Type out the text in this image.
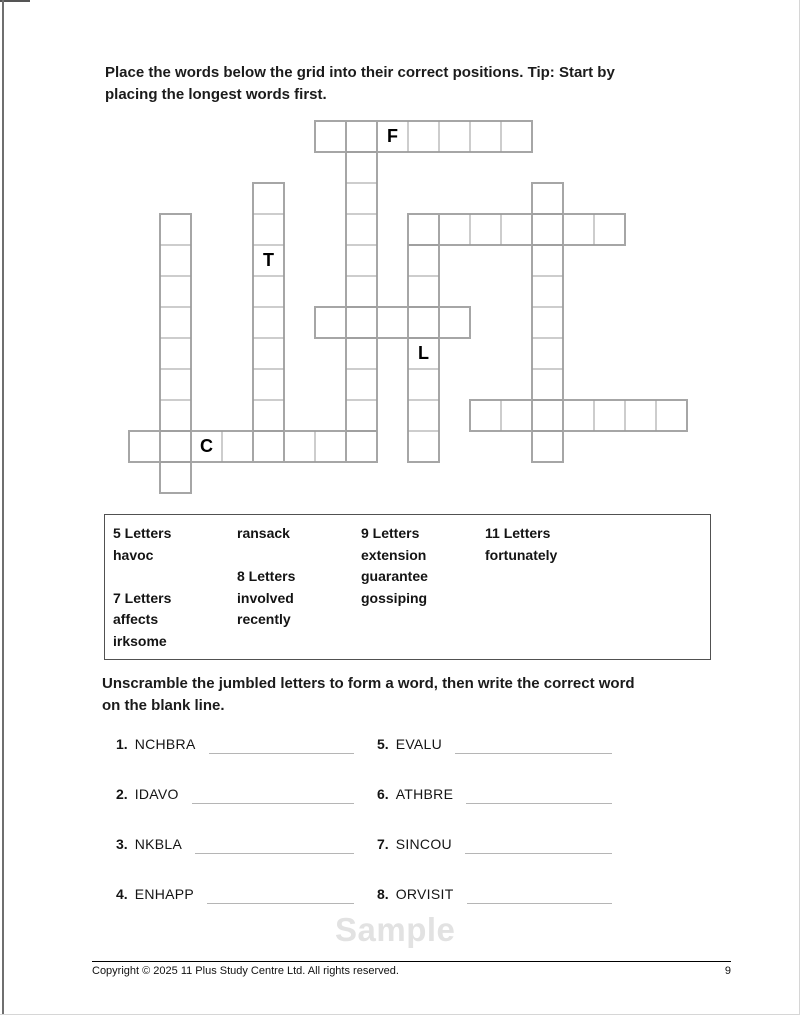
Place the words below the grid into their correct positions. Tip: Start by
placing the longest words first.
F
T
L
C
5 Letters
havoc

7 Letters
affects
irksome
ransack

8 Letters
involved
recently
9 Letters
extension
guarantee
gossiping
11 Letters
fortunately
Unscramble the jumbled letters to form a word, then write the correct word
on the blank line.
1. NCHBRA
2. IDAVO
3. NKBLA
4. ENHAPP
5. EVALU
6. ATHBRE
7. SINCOU
8. ORVISIT
Sample
Copyright © 2025 11 Plus Study Centre Ltd. All rights reserved.	9
